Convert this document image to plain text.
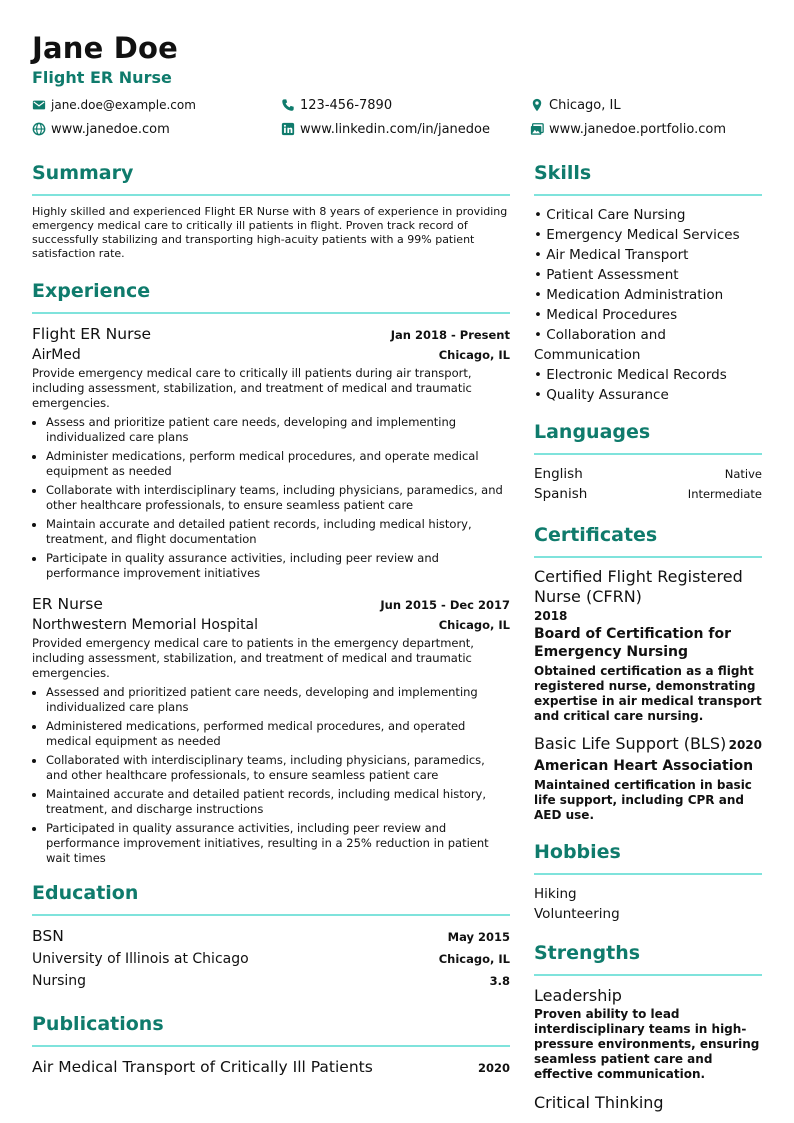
Jane Doe
Flight ER Nurse
jane.doe@example.com	123-456-7890	Chicago, IL
www.janedoe.com	www.linkedin.com/in/janedoe	www.janedoe.portfolio.com
Summary
Highly skilled and experienced Flight ER Nurse with 8 years of experience in providing emergency medical care to critically ill patients in flight. Proven track record of successfully stabilizing and transporting high-acuity patients with a 99% patient satisfaction rate.
Experience
Flight ER Nurse	Jan 2018 - Present
AirMed	Chicago, IL
Provide emergency medical care to critically ill patients during air transport, including assessment, stabilization, and treatment of medical and traumatic emergencies.
• Assess and prioritize patient care needs, developing and implementing individualized care plans
• Administer medications, perform medical procedures, and operate medical equipment as needed
• Collaborate with interdisciplinary teams, including physicians, paramedics, and other healthcare professionals, to ensure seamless patient care
• Maintain accurate and detailed patient records, including medical history, treatment, and flight documentation
• Participate in quality assurance activities, including peer review and performance improvement initiatives
ER Nurse	Jun 2015 - Dec 2017
Northwestern Memorial Hospital	Chicago, IL
Provided emergency medical care to patients in the emergency department, including assessment, stabilization, and treatment of medical and traumatic emergencies.
• Assessed and prioritized patient care needs, developing and implementing individualized care plans
• Administered medications, performed medical procedures, and operated medical equipment as needed
• Collaborated with interdisciplinary teams, including physicians, paramedics, and other healthcare professionals, to ensure seamless patient care
• Maintained accurate and detailed patient records, including medical history, treatment, and discharge instructions
• Participated in quality assurance activities, including peer review and performance improvement initiatives, resulting in a 25% reduction in patient wait times
Education
BSN	May 2015
University of Illinois at Chicago	Chicago, IL
Nursing	3.8
Publications
Air Medical Transport of Critically Ill Patients	2020
Skills
• Critical Care Nursing
• Emergency Medical Services
• Air Medical Transport
• Patient Assessment
• Medication Administration
• Medical Procedures
• Collaboration and Communication
• Electronic Medical Records
• Quality Assurance
Languages
English	Native
Spanish	Intermediate
Certificates
Certified Flight Registered Nurse (CFRN)
2018
Board of Certification for Emergency Nursing
Obtained certification as a flight registered nurse, demonstrating expertise in air medical transport and critical care nursing.
Basic Life Support (BLS) 2020
American Heart Association
Maintained certification in basic life support, including CPR and AED use.
Hobbies
Hiking
Volunteering
Strengths
Leadership
Proven ability to lead interdisciplinary teams in high-pressure environments, ensuring seamless patient care and effective communication.
Critical Thinking
